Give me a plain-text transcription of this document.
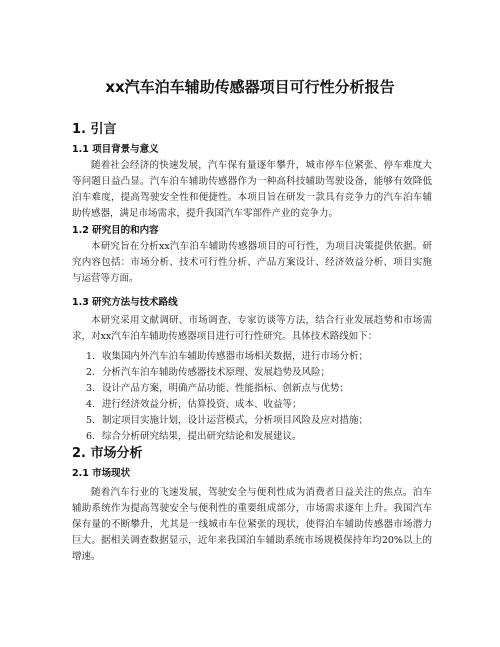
xx汽车泊车辅助传感器项目可行性分析报告
1. 引言
1.1 项目背景与意义

随着社会经济的快速发展，汽车保有量逐年攀升，城市停车位紧张、停车难度大等问题日益凸显。汽车泊车辅助传感器作为一种高科技辅助驾驶设备，能够有效降低泊车难度，提高驾驶安全性和便捷性。本项目旨在研发一款具有竞争力的汽车泊车辅助传感器，满足市场需求，提升我国汽车零部件产业的竞争力。

1.2 研究目的和内容

本研究旨在分析xx汽车泊车辅助传感器项目的可行性，为项目决策提供依据。研究内容包括：市场分析、技术可行性分析、产品方案设计、经济效益分析、项目实施与运营等方面。

1.3 研究方法与技术路线

本研究采用文献调研、市场调查、专家访谈等方法，结合行业发展趋势和市场需求，对xx汽车泊车辅助传感器项目进行可行性研究。具体技术路线如下：

1. 收集国内外汽车泊车辅助传感器市场相关数据，进行市场分析；
2. 分析汽车泊车辅助传感器技术原理、发展趋势及风险；
3. 设计产品方案，明确产品功能、性能指标、创新点与优势；
4. 进行经济效益分析，估算投资、成本、收益等；
5. 制定项目实施计划，设计运营模式，分析项目风险及应对措施；
6. 综合分析研究结果，提出研究结论和发展建议。
2. 市场分析
2.1 市场现状

随着汽车行业的飞速发展，驾驶安全与便利性成为消费者日益关注的焦点。泊车辅助系统作为提高驾驶安全与便利性的重要组成部分，市场需求逐年上升。我国汽车保有量的不断攀升，尤其是一线城市车位紧张的现状，使得泊车辅助传感器市场潜力巨大。据相关调查数据显示，近年来我国泊车辅助系统市场规模保持年均20%以上的增速。
